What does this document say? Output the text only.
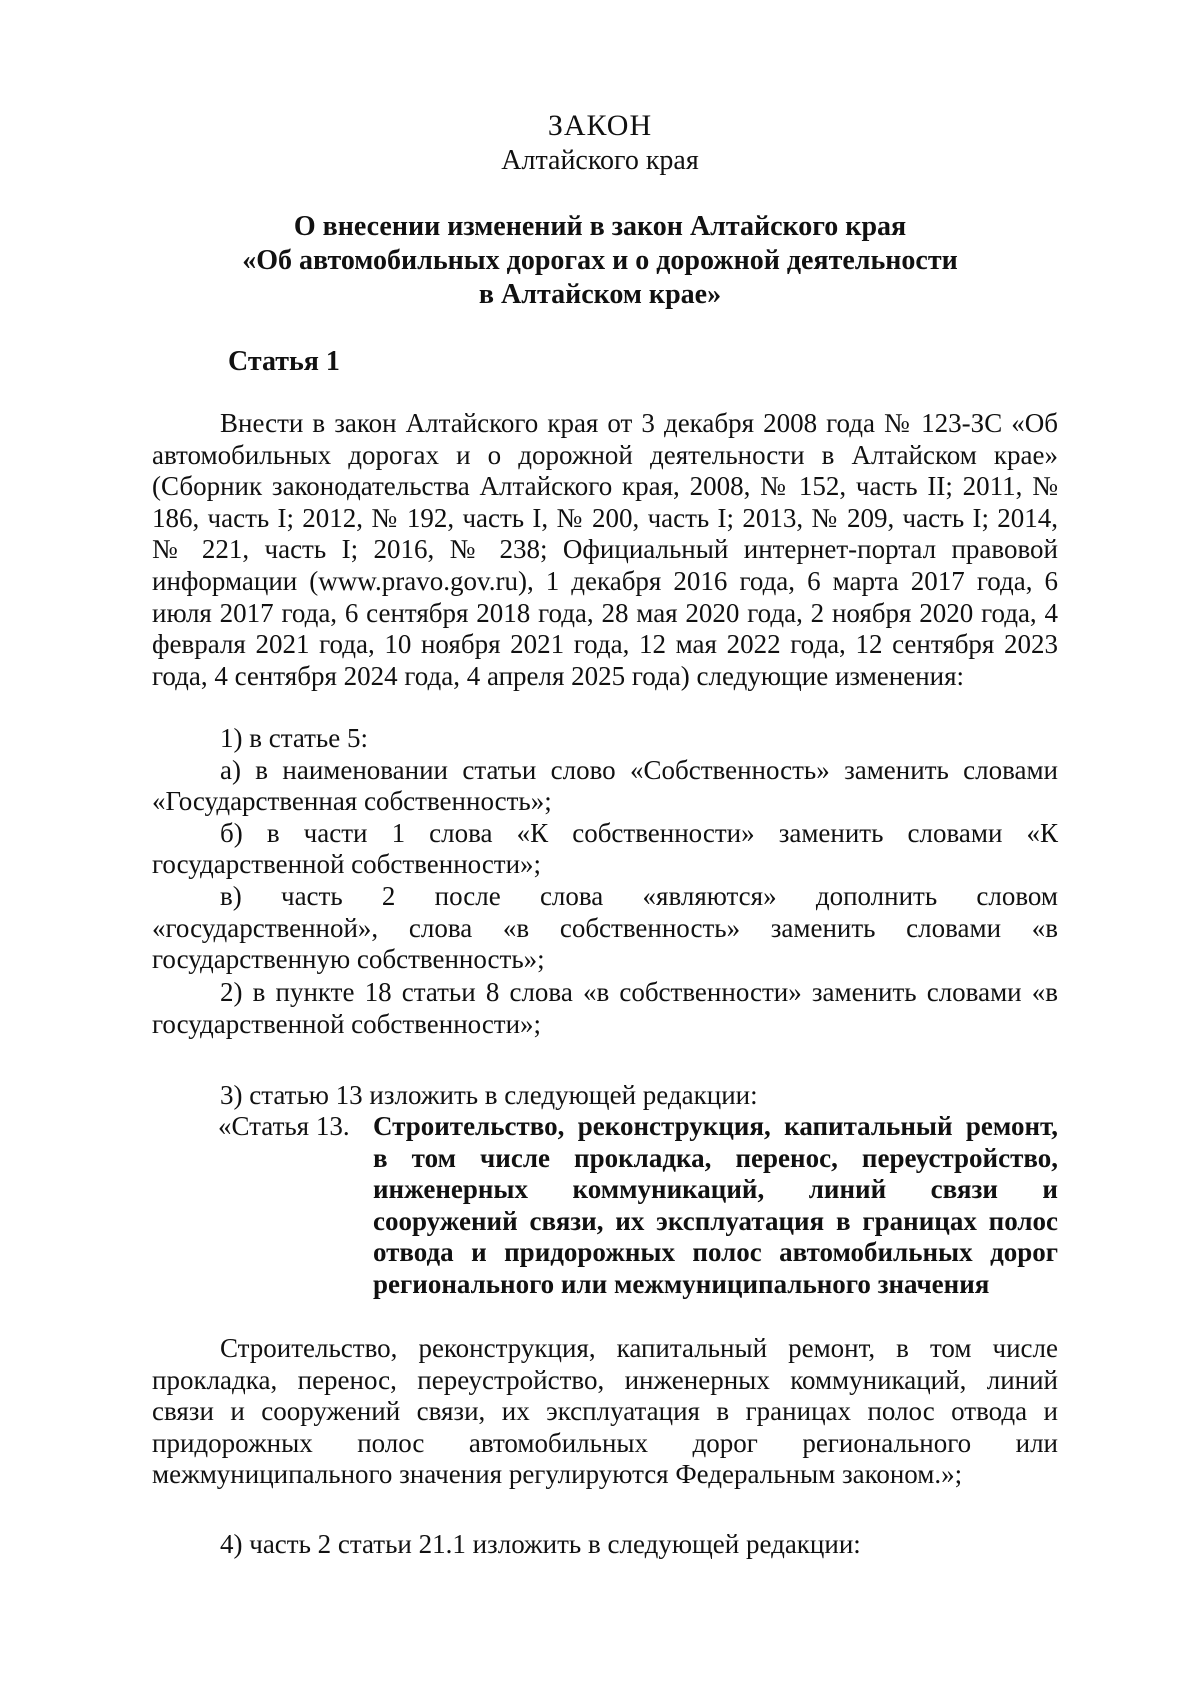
ЗАКОН
Алтайского края
О внесении изменений в закон Алтайского края
«Об автомобильных дорогах и о дорожной деятельности
в Алтайском крае»
Статья 1

Внести в закон Алтайского края от 3 декабря 2008 года № 123-ЗС «Об автомобильных дорогах и о дорожной деятельности в Алтайском крае» (Сборник законодательства Алтайского края, 2008, № 152, часть II; 2011, № 186, часть I; 2012, № 192, часть I, № 200, часть I; 2013, № 209, часть I; 2014, № 221, часть I; 2016, № 238; Официальный интернет-портал правовой информации (www.pravo.gov.ru), 1 декабря 2016 года, 6 марта 2017 года, 6 июля 2017 года, 6 сентября 2018 года, 28 мая 2020 года, 2 ноября 2020 года, 4 февраля 2021 года, 10 ноября 2021 года, 12 мая 2022 года, 12 сентября 2023 года, 4 сентября 2024 года, 4 апреля 2025 года) следующие изменения:

1) в статье 5:

а) в наименовании статьи слово «Собственность» заменить словами «Государственная собственность»;

б) в части 1 слова «К собственности» заменить словами «К государственной собственности»;

в) часть 2 после слова «являются» дополнить словом «государственной», слова «в собственность» заменить словами «в государственную собственность»;

2) в пункте 18 статьи 8 слова «в собственности» заменить словами «в государственной собственности»;

3) статью 13 изложить в следующей редакции:

«Статья 13. Строительство, реконструкция, капитальный ремонт, в том числе прокладка, перенос, переустройство, инженерных коммуникаций, линий связи и сооружений связи, их эксплуатация в границах полос отвода и придорожных полос автомобильных дорог регионального или межмуниципального значения

Строительство, реконструкция, капитальный ремонт, в том числе прокладка, перенос, переустройство, инженерных коммуникаций, линий связи и сооружений связи, их эксплуатация в границах полос отвода и придорожных полос автомобильных дорог регионального или межмуниципального значения регулируются Федеральным законом.»;

4) часть 2 статьи 21.1 изложить в следующей редакции:
